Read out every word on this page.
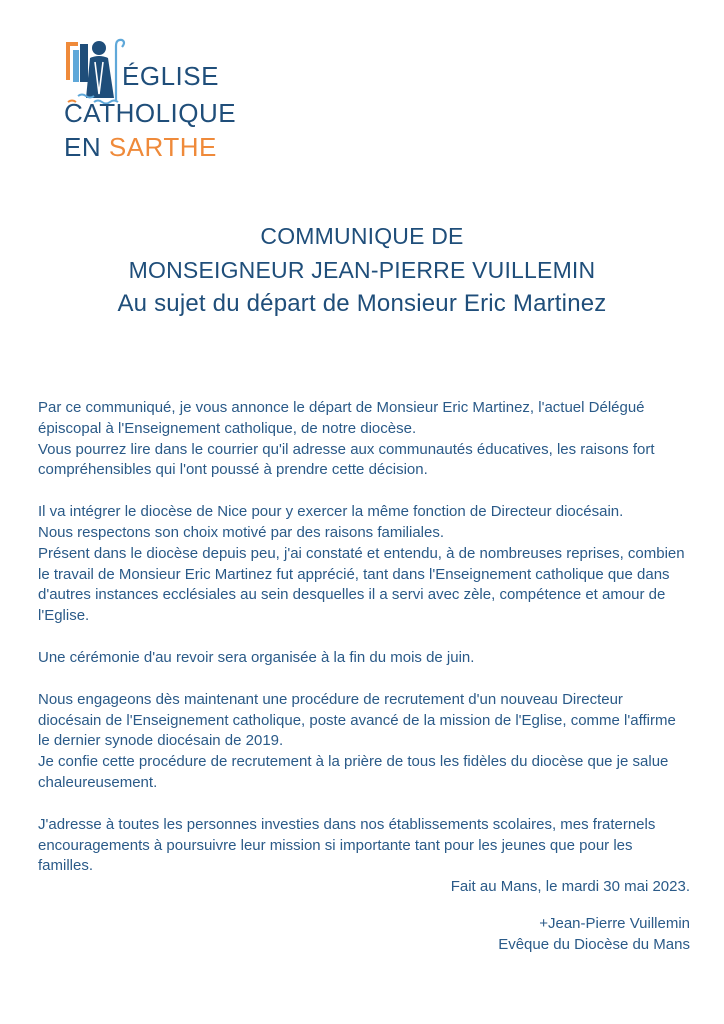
ÉGLISE
CATHOLIQUE
EN SARTHE
COMMUNIQUE DE
MONSEIGNEUR JEAN-PIERRE VUILLEMIN
Au sujet du départ de Monsieur Eric Martinez

Par ce communiqué, je vous annonce le départ de Monsieur Eric Martinez, l'actuel Délégué épiscopal à l'Enseignement catholique, de notre diocèse.

Vous pourrez lire dans le courrier qu'il adresse aux communautés éducatives, les raisons fort compréhensibles qui l'ont poussé à prendre cette décision.

Il va intégrer le diocèse de Nice pour y exercer la même fonction de Directeur diocésain.

Nous respectons son choix motivé par des raisons familiales.

Présent dans le diocèse depuis peu, j'ai constaté et entendu, à de nombreuses reprises, combien le travail de Monsieur Eric Martinez fut apprécié, tant dans l'Enseignement catholique que dans d'autres instances ecclésiales au sein desquelles il a servi avec zèle, compétence et amour de l'Eglise.

Une cérémonie d'au revoir sera organisée à la fin du mois de juin.

Nous engageons dès maintenant une procédure de recrutement d'un nouveau Directeur diocésain de l'Enseignement catholique, poste avancé de la mission de l'Eglise, comme l'affirme le dernier synode diocésain de 2019.

Je confie cette procédure de recrutement à la prière de tous les fidèles du diocèse que je salue chaleureusement.

J'adresse à toutes les personnes investies dans nos établissements scolaires, mes fraternels encouragements à poursuivre leur mission si importante tant pour les jeunes que pour les familles.

Fait au Mans, le mardi 30 mai 2023.

+Jean-Pierre Vuillemin

Evêque du Diocèse du Mans
